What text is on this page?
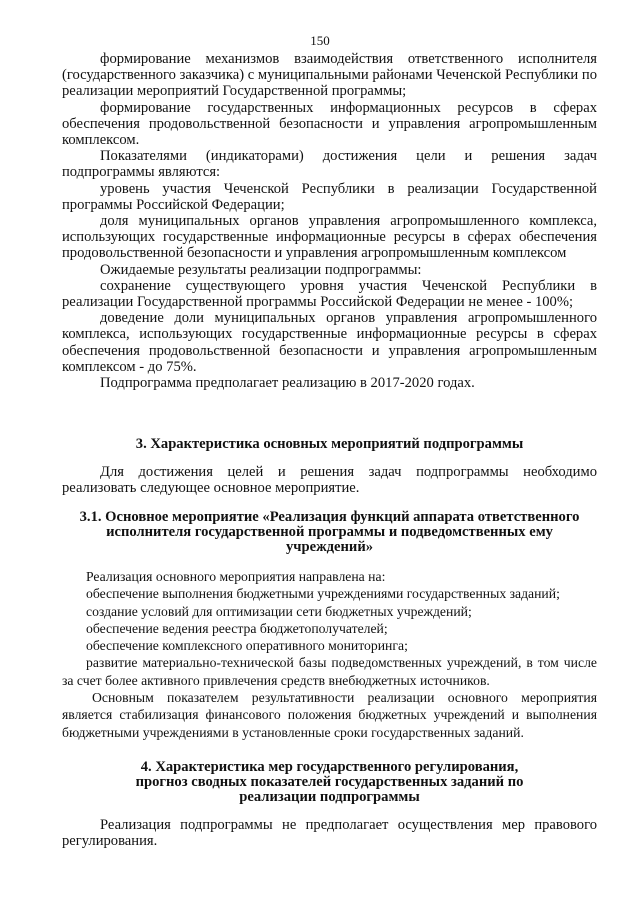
150

формирование механизмов взаимодействия ответственного исполнителя (государственного заказчика) с муниципальными районами Чеченской Республики по реализации мероприятий Государственной программы;

формирование государственных информационных ресурсов в сферах обеспечения продовольственной безопасности и управления агропромышленным комплексом.

Показателями (индикаторами) достижения цели и решения задач подпрограммы являются:

уровень участия Чеченской Республики в реализации Государственной программы Российской Федерации;

доля муниципальных органов управления агропромышленного комплекса, использующих государственные информационные ресурсы в сферах обеспечения продовольственной безопасности и управления агропромышленным комплексом

Ожидаемые результаты реализации подпрограммы:

сохранение существующего уровня участия Чеченской Республики в реализации Государственной программы Российской Федерации не менее - 100%;

доведение доли муниципальных органов управления агропромышленного комплекса, использующих государственные информационные ресурсы в сферах обеспечения продовольственной безопасности и управления агропромышленным комплексом - до 75%.

Подпрограмма предполагает реализацию в 2017-2020 годах.

3. Характеристика основных мероприятий подпрограммы

Для достижения целей и решения задач подпрограммы необходимо реализовать следующее основное мероприятие.

3.1. Основное мероприятие «Реализация функций аппарата ответственного исполнителя государственной программы и подведомственных ему учреждений»

Реализация основного мероприятия направлена на:

обеспечение выполнения бюджетными учреждениями государственных заданий;

создание условий для оптимизации сети бюджетных учреждений;

обеспечение ведения реестра бюджетополучателей;

обеспечение комплексного оперативного мониторинга;

развитие материально-технической базы подведомственных учреждений, в том числе за счет более активного привлечения средств внебюджетных источников.

Основным показателем результативности реализации основного мероприятия является стабилизация финансового положения бюджетных учреждений и выполнения бюджетными учреждениями в установленные сроки государственных заданий.

4. Характеристика мер государственного регулирования, прогноз сводных показателей государственных заданий по реализации подпрограммы

Реализация подпрограммы не предполагает осуществления мер правового регулирования.
